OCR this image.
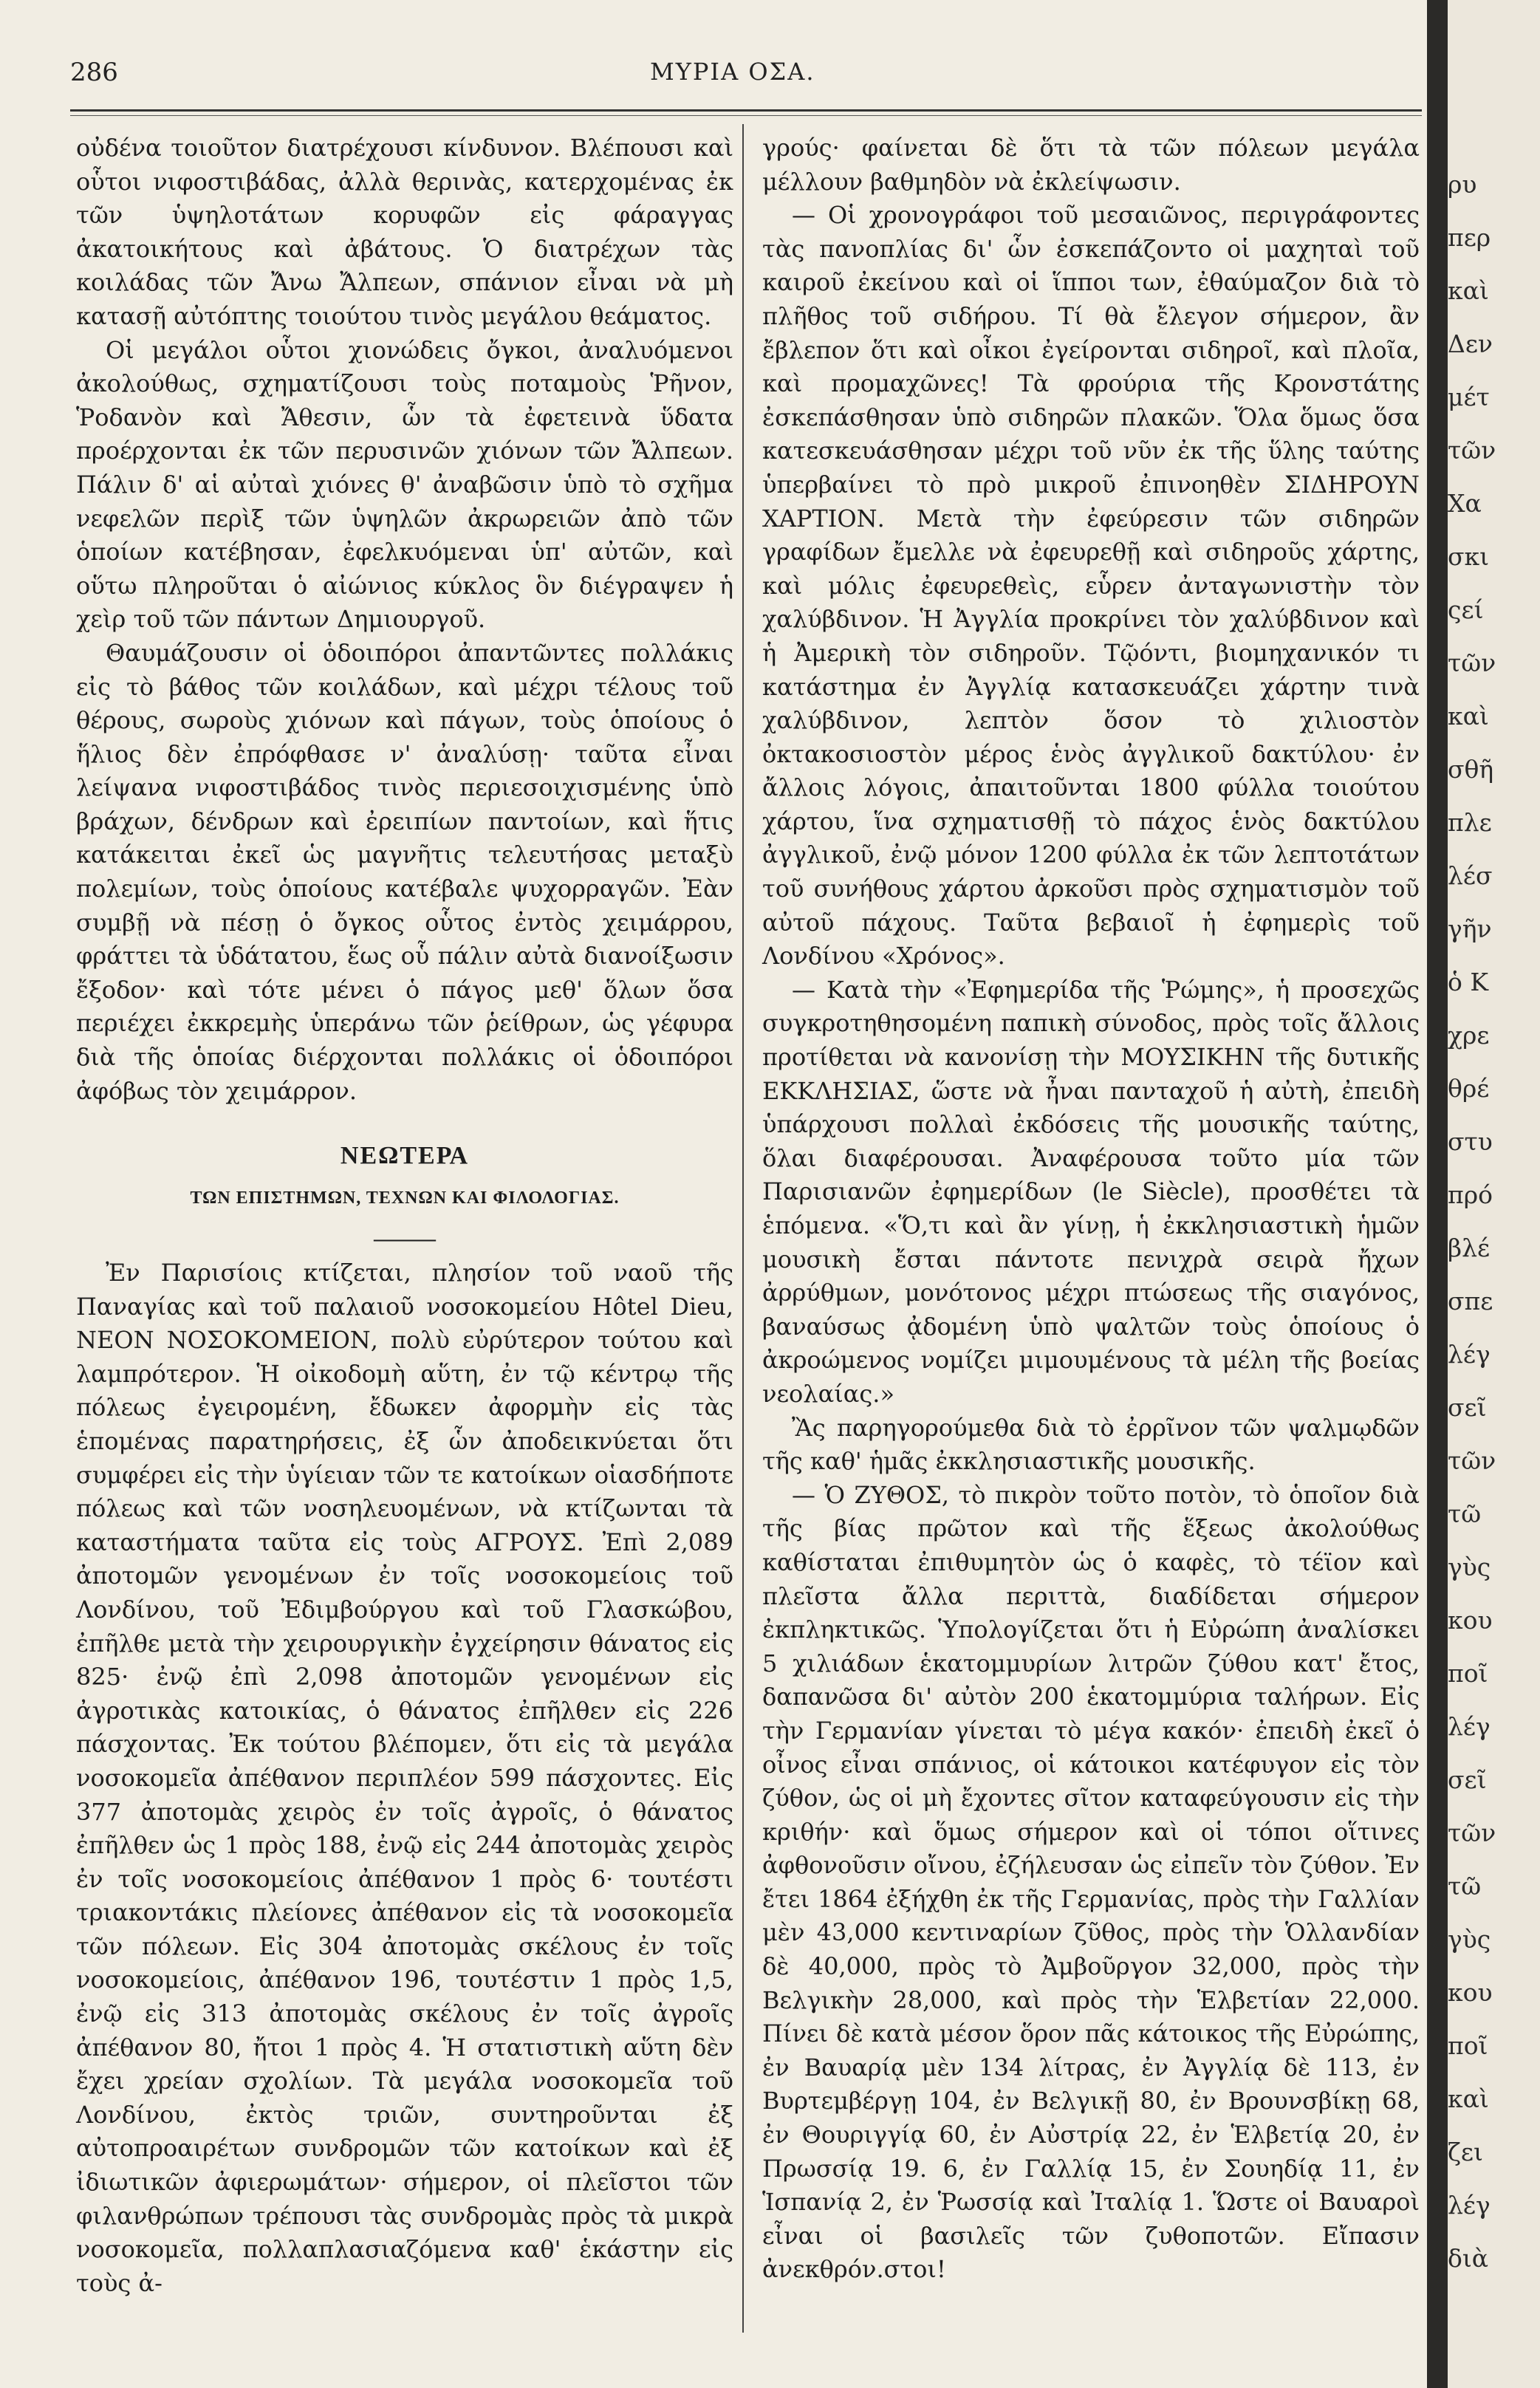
286	ΜΥΡΙΑ ΟΣΑ.

οὐδένα τοιοῦτον διατρέχουσι κίνδυνον. Βλέπουσι καὶ οὗτοι νιφοστιβάδας, ἀλλὰ θερινὰς, κατερχομένας ἐκ τῶν ὑψηλοτάτων κορυφῶν εἰς φάραγγας ἀκατοικήτους καὶ ἀβάτους. Ὁ διατρέχων τὰς κοιλάδας τῶν Ἄνω Ἄλπεων, σπάνιον εἶναι νὰ μὴ κατασῇ αὐτόπτης τοιούτου τινὸς μεγάλου θεάματος.

Οἱ μεγάλοι οὗτοι χιονώδεις ὄγκοι, ἀναλυόμενοι ἀκολούθως, σχηματίζουσι τοὺς ποταμοὺς Ῥῆνον, Ῥοδανὸν καὶ Ἄθεσιν, ὧν τὰ ἐφετεινὰ ὕδατα προέρχονται ἐκ τῶν περυσινῶν χιόνων τῶν Ἄλπεων. Πάλιν δ' αἱ αὐταὶ χιόνες θ' ἀναβῶσιν ὑπὸ τὸ σχῆμα νεφελῶν περὶξ τῶν ὑψηλῶν ἀκρωρειῶν ἀπὸ τῶν ὁποίων κατέβησαν, ἐφελκυόμεναι ὑπ' αὐτῶν, καὶ οὕτω πληροῦται ὁ αἰώνιος κύκλος ὃν διέγραψεν ἡ χεὶρ τοῦ τῶν πάντων Δημιουργοῦ.

Θαυμάζουσιν οἱ ὁδοιπόροι ἀπαντῶντες πολλάκις εἰς τὸ βάθος τῶν κοιλάδων, καὶ μέχρι τέλους τοῦ θέρους, σωροὺς χιόνων καὶ πάγων, τοὺς ὁποίους ὁ ἥλιος δὲν ἐπρόφθασε ν' ἀναλύσῃ· ταῦτα εἶναι λείψανα νιφοστιβάδος τινὸς περιεσοιχισμένης ὑπὸ βράχων, δένδρων καὶ ἐρειπίων παντοίων, καὶ ἥτις κατάκειται ἐκεῖ ὡς μαγνῆτις τελευτήσας μεταξὺ πολεμίων, τοὺς ὁποίους κατέβαλε ψυχορραγῶν. Ἐὰν συμβῇ νὰ πέσῃ ὁ ὄγκος οὗτος ἐντὸς χειμάρρου, φράττει τὰ ὑδάτατου, ἕως οὗ πάλιν αὐτὰ διανοίξωσιν ἔξοδον· καὶ τότε μένει ὁ πάγος μεθ' ὅλων ὅσα περιέχει ἐκκρεμὴς ὑπεράνω τῶν ῥείθρων, ὡς γέφυρα διὰ τῆς ὁποίας διέρχονται πολλάκις οἱ ὁδοιπόροι ἀφόβως τὸν χειμάρρον.

ΝΕΩΤΕΡΑ
ΤΩΝ ΕΠΙΣΤΗΜΩΝ, ΤΕΧΝΩΝ ΚΑΙ ΦΙΛΟΛΟΓΙΑΣ.
———

Ἐν Παρισίοις κτίζεται, πλησίον τοῦ ναοῦ τῆς Παναγίας καὶ τοῦ παλαιοῦ νοσοκομείου Hôtel Dieu, ΝΕΟΝ ΝΟΣΟΚΟΜΕΙΟΝ, πολὺ εὐρύτερον τούτου καὶ λαμπρότερον. Ἡ οἰκοδομὴ αὕτη, ἐν τῷ κέντρῳ τῆς πόλεως ἐγειρομένη, ἔδωκεν ἀφορμὴν εἰς τὰς ἑπομένας παρατηρήσεις, ἐξ ὧν ἀποδεικνύεται ὅτι συμφέρει εἰς τὴν ὑγίειαν τῶν τε κατοίκων οἱασδήποτε πόλεως καὶ τῶν νοσηλευομένων, νὰ κτίζωνται τὰ καταστήματα ταῦτα εἰς τοὺς ΑΓΡΟΥΣ. Ἐπὶ 2,089 ἀποτομῶν γενομένων ἐν τοῖς νοσοκομείοις τοῦ Λονδίνου, τοῦ Ἐδιμβούργου καὶ τοῦ Γλασκώβου, ἐπῆλθε μετὰ τὴν χειρουργικὴν ἐγχείρησιν θάνατος εἰς 825· ἐνῷ ἐπὶ 2,098 ἀποτομῶν γενομένων εἰς ἀγροτικὰς κατοικίας, ὁ θάνατος ἐπῆλθεν εἰς 226 πάσχοντας. Ἐκ τούτου βλέπομεν, ὅτι εἰς τὰ μεγάλα νοσοκομεῖα ἀπέθανον περιπλέον 599 πάσχοντες. Εἰς 377 ἀποτομὰς χειρὸς ἐν τοῖς ἀγροῖς, ὁ θάνατος ἐπῆλθεν ὡς 1 πρὸς 188, ἐνῷ εἰς 244 ἀποτομὰς χειρὸς ἐν τοῖς νοσοκομείοις ἀπέθανον 1 πρὸς 6· τουτέστι τριακοντάκις πλείονες ἀπέθανον εἰς τὰ νοσοκομεῖα τῶν πόλεων. Εἰς 304 ἀποτομὰς σκέλους ἐν τοῖς νοσοκομείοις, ἀπέθανον 196, τουτέστιν 1 πρὸς 1,5, ἐνῷ εἰς 313 ἀποτομὰς σκέλους ἐν τοῖς ἀγροῖς ἀπέθανον 80, ἤτοι 1 πρὸς 4. Ἡ στατιστικὴ αὕτη δὲν ἔχει χρείαν σχολίων. Τὰ μεγάλα νοσοκομεῖα τοῦ Λονδίνου, ἐκτὸς τριῶν, συντηροῦνται ἐξ αὐτοπροαιρέτων συνδρομῶν τῶν κατοίκων καὶ ἐξ ἰδιωτικῶν ἀφιερωμάτων· σήμερον, οἱ πλεῖστοι τῶν φιλανθρώπων τρέπουσι τὰς συνδρομὰς πρὸς τὰ μικρὰ νοσοκομεῖα, πολλαπλασιαζόμενα καθ' ἑκάστην εἰς τοὺς ἀ-

γρούς· φαίνεται δὲ ὅτι τὰ τῶν πόλεων μεγάλα μέλλουν βαθμηδὸν νὰ ἐκλείψωσιν.

— Οἱ χρονογράφοι τοῦ μεσαιῶνος, περιγράφοντες τὰς πανοπλίας δι' ὧν ἐσκεπάζοντο οἱ μαχηταὶ τοῦ καιροῦ ἐκείνου καὶ οἱ ἵπποι των, ἐθαύμαζον διὰ τὸ πλῆθος τοῦ σιδήρου. Τί θὰ ἔλεγον σήμερον, ἂν ἔβλεπον ὅτι καὶ οἶκοι ἐγείρονται σιδηροῖ, καὶ πλοῖα, καὶ προμαχῶνες! Τὰ φρούρια τῆς Κρονστάτης ἐσκεπάσθησαν ὑπὸ σιδηρῶν πλακῶν. Ὅλα ὅμως ὅσα κατεσκευάσθησαν μέχρι τοῦ νῦν ἐκ τῆς ὕλης ταύτης ὑπερβαίνει τὸ πρὸ μικροῦ ἐπινοηθὲν ΣΙΔΗΡΟΥΝ ΧΑΡΤΙΟΝ. Μετὰ τὴν ἐφεύρεσιν τῶν σιδηρῶν γραφίδων ἔμελλε νὰ ἐφευρεθῇ καὶ σιδηροῦς χάρτης, καὶ μόλις ἐφευρεθεὶς, εὗρεν ἀνταγωνιστὴν τὸν χαλύβδινον. Ἡ Ἀγγλία προκρίνει τὸν χαλύβδινον καὶ ἡ Ἀμερικὴ τὸν σιδηροῦν. Τῷόντι, βιομηχανικόν τι κατάστημα ἐν Ἀγγλίᾳ κατασκευάζει χάρτην τινὰ χαλύβδινον, λεπτὸν ὅσον τὸ χιλιοστὸν ὀκτακοσιοστὸν μέρος ἑνὸς ἀγγλικοῦ δακτύλου· ἐν ἄλλοις λόγοις, ἀπαιτοῦνται 1800 φύλλα τοιούτου χάρτου, ἵνα σχηματισθῇ τὸ πάχος ἑνὸς δακτύλου ἀγγλικοῦ, ἐνῷ μόνον 1200 φύλλα ἐκ τῶν λεπτοτάτων τοῦ συνήθους χάρτου ἀρκοῦσι πρὸς σχηματισμὸν τοῦ αὐτοῦ πάχους. Ταῦτα βεβαιοῖ ἡ ἐφημερὶς τοῦ Λονδίνου «Χρόνος».

— Κατὰ τὴν «Ἐφημερίδα τῆς Ῥώμης», ἡ προσεχῶς συγκροτηθησομένη παπικὴ σύνοδος, πρὸς τοῖς ἄλλοις προτίθεται νὰ κανονίσῃ τὴν ΜΟΥΣΙΚΗΝ τῆς δυτικῆς ΕΚΚΛΗΣΙΑΣ, ὥστε νὰ ἦναι πανταχοῦ ἡ αὐτὴ, ἐπειδὴ ὑπάρχουσι πολλαὶ ἐκδόσεις τῆς μουσικῆς ταύτης, ὅλαι διαφέρουσαι. Ἀναφέρουσα τοῦτο μία τῶν Παρισιανῶν ἐφημερίδων (le Siècle), προσθέτει τὰ ἑπόμενα. «Ὅ,τι καὶ ἂν γίνῃ, ἡ ἐκκλησιαστικὴ ἡμῶν μουσικὴ ἔσται πάντοτε πενιχρὰ σειρὰ ἤχων ἀρρύθμων, μονότονος μέχρι πτώσεως τῆς σιαγόνος, βαναύσως ᾀδομένη ὑπὸ ψαλτῶν τοὺς ὁποίους ὁ ἀκροώμενος νομίζει μιμουμένους τὰ μέλη τῆς βοείας νεολαίας.»

Ἂς παρηγορούμεθα διὰ τὸ ἐρρῖνον τῶν ψαλμῳδῶν τῆς καθ' ἡμᾶς ἐκκλησιαστικῆς μουσικῆς.

— Ὁ ΖΥΘΟΣ, τὸ πικρὸν τοῦτο ποτὸν, τὸ ὁποῖον διὰ τῆς βίας πρῶτον καὶ τῆς ἕξεως ἀκολούθως καθίσταται ἐπιθυμητὸν ὡς ὁ καφὲς, τὸ τέϊον καὶ πλεῖστα ἄλλα περιττὰ, διαδίδεται σήμερον ἐκπληκτικῶς. Ὑπολογίζεται ὅτι ἡ Εὐρώπη ἀναλίσκει 5 χιλιάδων ἑκατομμυρίων λιτρῶν ζύθου κατ' ἔτος, δαπανῶσα δι' αὐτὸν 200 ἑκατομμύρια ταλήρων. Εἰς τὴν Γερμανίαν γίνεται τὸ μέγα κακόν· ἐπειδὴ ἐκεῖ ὁ οἶνος εἶναι σπάνιος, οἱ κάτοικοι κατέφυγον εἰς τὸν ζύθον, ὡς οἱ μὴ ἔχοντες σῖτον καταφεύγουσιν εἰς τὴν κριθήν· καὶ ὅμως σήμερον καὶ οἱ τόποι οἵτινες ἀφθονοῦσιν οἴνου, ἐζήλευσαν ὡς εἰπεῖν τὸν ζύθον. Ἐν ἔτει 1864 ἐξήχθη ἐκ τῆς Γερμανίας, πρὸς τὴν Γαλλίαν μὲν 43,000 κεντιναρίων ζῦθος, πρὸς τὴν Ὁλλανδίαν δὲ 40,000, πρὸς τὸ Ἀμβοῦργον 32,000, πρὸς τὴν Βελγικὴν 28,000, καὶ πρὸς τὴν Ἑλβετίαν 22,000. Πίνει δὲ κατὰ μέσον ὅρον πᾶς κάτοικος τῆς Εὐρώπης, ἐν Βαυαρίᾳ μὲν 134 λίτρας, ἐν Ἀγγλίᾳ δὲ 113, ἐν Βυρτεμβέργῃ 104, ἐν Βελγικῇ 80, ἐν Βρουνσβίκῃ 68, ἐν Θουριγγίᾳ 60, ἐν Αὐστρίᾳ 22, ἐν Ἑλβετίᾳ 20, ἐν Πρωσσίᾳ 19. 6, ἐν Γαλλίᾳ 15, ἐν Σουηδίᾳ 11, ἐν Ἱσπανίᾳ 2, ἐν Ῥωσσίᾳ καὶ Ἰταλίᾳ 1. Ὥστε οἱ Βαυαροὶ εἶναι οἱ βασιλεῖς τῶν ζυθοποτῶν. Εἴπασιν ἀνεκθρόν.στοι!

ρυ
περ
καὶ
Δεν
μέτ
τῶν
Χα
σκι
ςεί
τῶν
καὶ
σθῆ
πλε
λέσ
γῆν
ὁ Κ
χρε
θρέ
στυ
πρό
βλέ
σπε
λέγ
σεῖ
τῶν
τῶ
γὺς
κου
ποῖ
λέγ
σεῖ
τῶν
τῶ
γὺς
κου
ποῖ
καὶ
ζει
λέγ
διὰ
